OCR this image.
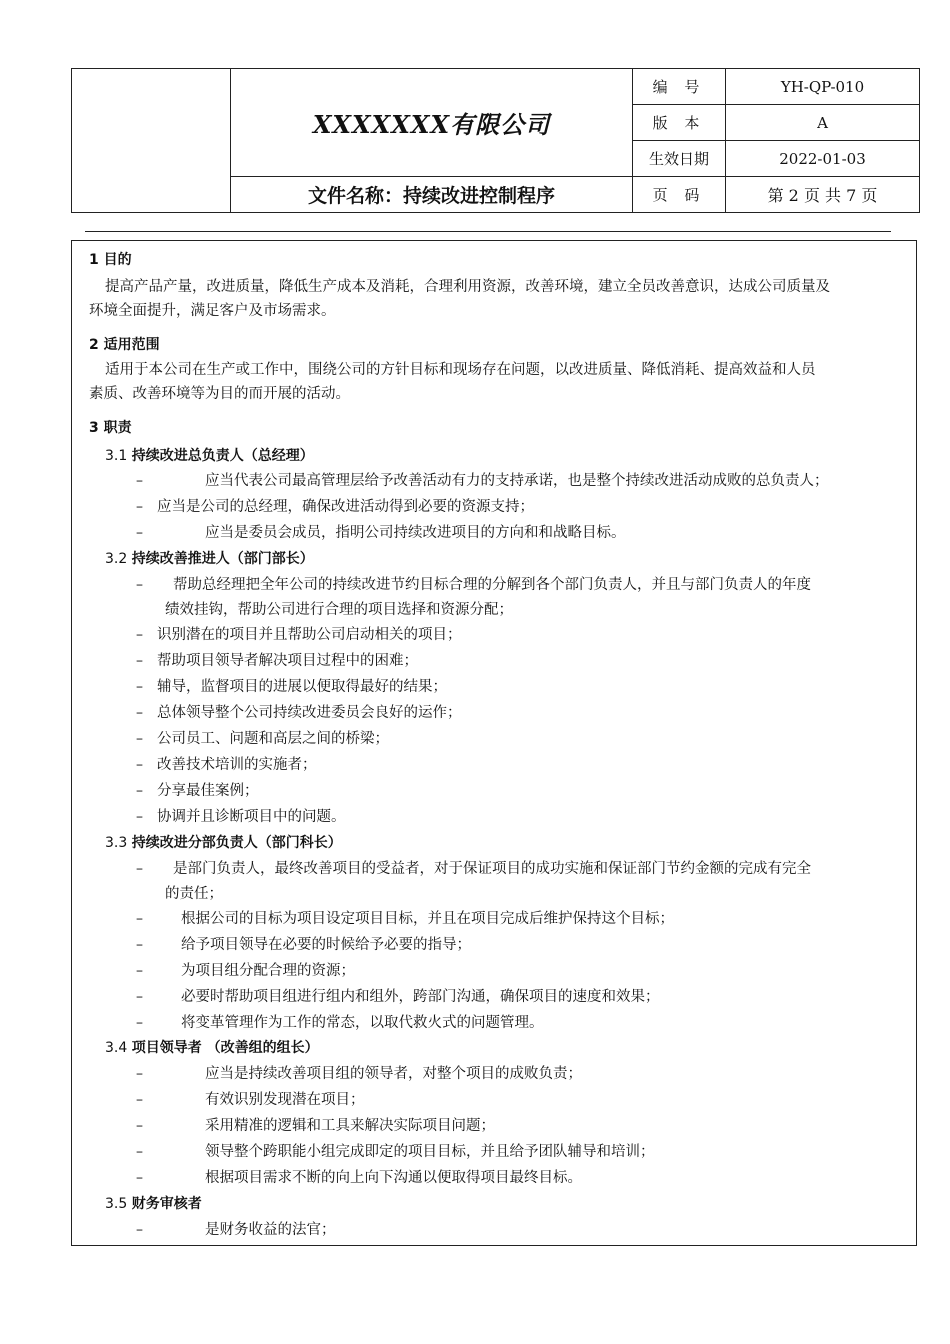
	XXXXXXX有限公司	编 号	YH-QP-010
		版 本	A
		生效日期	2022-01-03
	文件名称：持续改进控制程序	页 码	第 2 页 共 7 页
1 目的
提高产品产量，改进质量，降低生产成本及消耗，合理利用资源，改善环境，建立全员改善意识，达成公司质量及
环境全面提升，满足客户及市场需求。
2 适用范围
适用于本公司在生产或工作中，围绕公司的方针目标和现场存在问题，以改进质量、降低消耗、提高效益和人员
素质、改善环境等为目的而开展的活动。
3 职责
3.1 持续改进总负责人（总经理）
–	应当代表公司最高管理层给予改善活动有力的支持承诺，也是整个持续改进活动成败的总负责人；
– 应当是公司的总经理，确保改进活动得到必要的资源支持；
–	应当是委员会成员，指明公司持续改进项目的方向和和战略目标。
3.2 持续改善推进人（部门部长）
– 帮助总经理把全年公司的持续改进节约目标合理的分解到各个部门负责人，并且与部门负责人的年度
绩效挂钩，帮助公司进行合理的项目选择和资源分配；
– 识别潜在的项目并且帮助公司启动相关的项目；
– 帮助项目领导者解决项目过程中的困难；
– 辅导，监督项目的进展以便取得最好的结果；
– 总体领导整个公司持续改进委员会良好的运作；
– 公司员工、问题和高层之间的桥梁；
– 改善技术培训的实施者；
– 分享最佳案例；
– 协调并且诊断项目中的问题。
3.3 持续改进分部负责人（部门科长）
– 是部门负责人，最终改善项目的受益者，对于保证项目的成功实施和保证部门节约金额的完成有完全
的责任；
–	根据公司的目标为项目设定项目目标，并且在项目完成后维护保持这个目标；
–	给予项目领导在必要的时候给予必要的指导；
–	为项目组分配合理的资源；
–	必要时帮助项目组进行组内和组外，跨部门沟通，确保项目的速度和效果；
–	将变革管理作为工作的常态，以取代救火式的问题管理。
3.4 项目领导者 （改善组的组长）
–	应当是持续改善项目组的领导者，对整个项目的成败负责；
–	有效识别发现潜在项目；
–	采用精准的逻辑和工具来解决实际项目问题；
–	领导整个跨职能小组完成即定的项目目标，并且给予团队辅导和培训；
–	根据项目需求不断的向上向下沟通以便取得项目最终目标。
3.5 财务审核者
–	是财务收益的法官；
